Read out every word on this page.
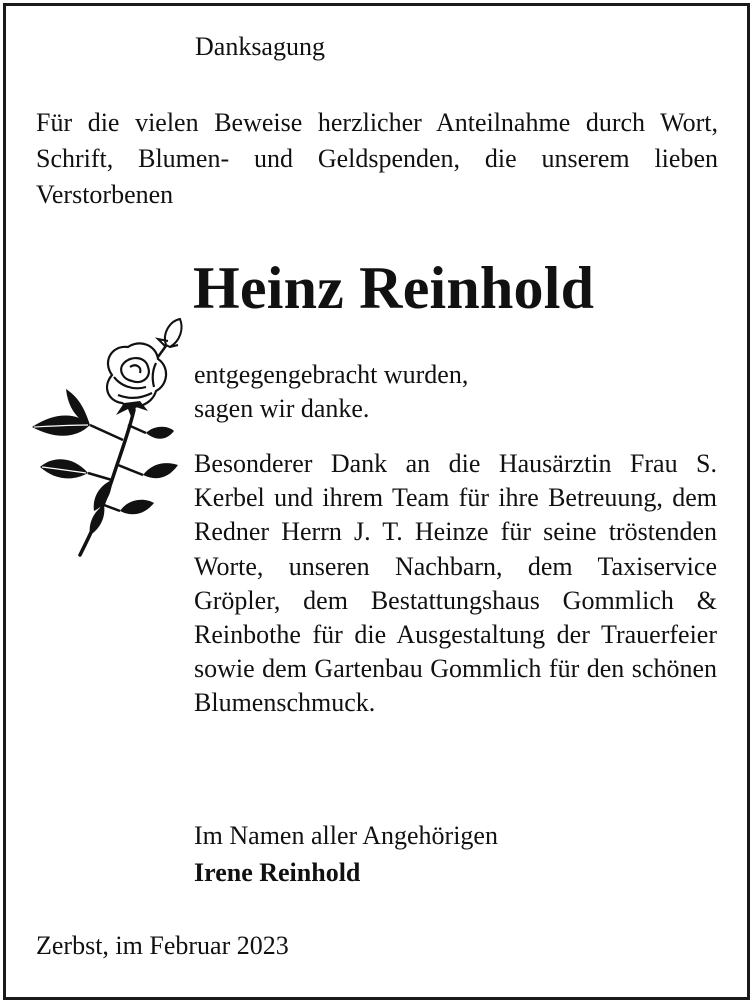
Danksagung
Für die vielen Beweise herzlicher Anteilnahme durch Wort, Schrift, Blumen- und Geldspenden, die unserem lieben Verstorbenen
Heinz Reinhold
entgegengebracht wurden,
sagen wir danke.
Besonderer Dank an die Hausärztin Frau S. Kerbel und ihrem Team für ihre Betreuung, dem Redner Herrn J. T. Heinze für seine tröstenden Worte, unseren Nachbarn, dem Taxiservice Gröpler, dem Bestattungshaus Gommlich & Reinbothe für die Ausgestaltung der Trauerfeier sowie dem Gartenbau Gommlich für den schönen Blumenschmuck.
Im Namen aller Angehörigen
Irene Reinhold
Zerbst, im Februar 2023
